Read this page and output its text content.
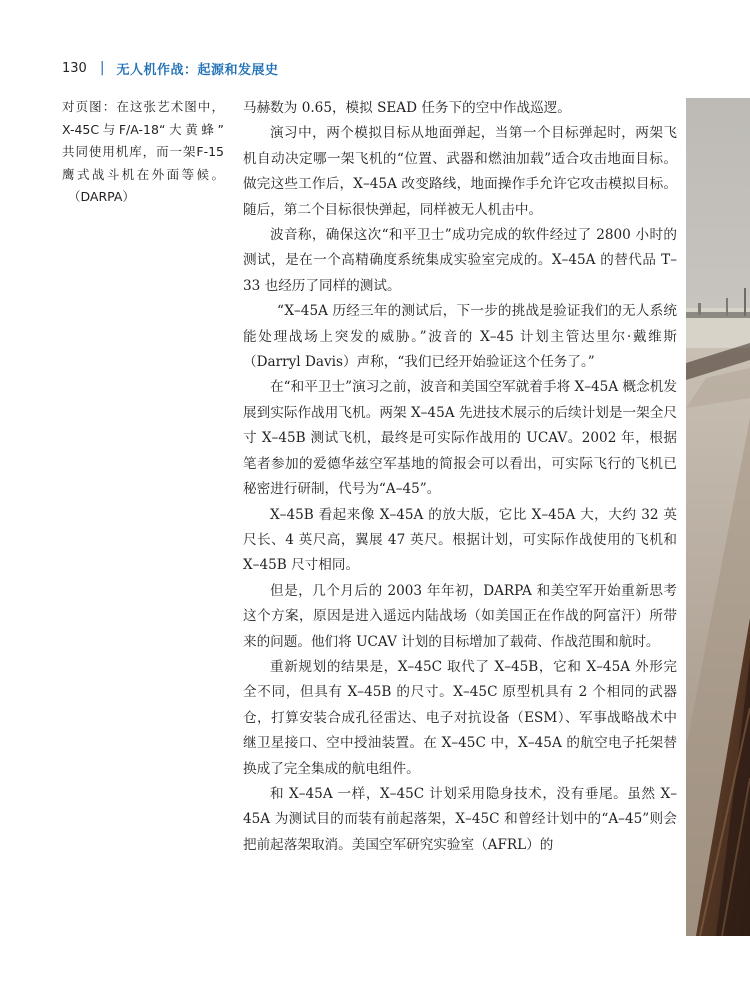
130 | 无人机作战：起源和发展史
对页图：在这张艺术图中，
X-45C与F/A-18“大黄蜂”
共同使用机库，而一架F-15
鹰式战斗机在外面等候。
（DARPA）

马赫数为 0.65，模拟 SEAD 任务下的空中作战巡逻。

演习中，两个模拟目标从地面弹起，当第一个目标弹起时，两架飞机自动决定哪一架飞机的“位置、武器和燃油加载”适合攻击地面目标。做完这些工作后，X–45A 改变路线，地面操作手允许它攻击模拟目标。随后，第二个目标很快弹起，同样被无人机击中。

波音称，确保这次“和平卫士”成功完成的软件经过了 2800 小时的测试，是在一个高精确度系统集成实验室完成的。X–45A 的替代品 T–33 也经历了同样的测试。

“X–45A 历经三年的测试后，下一步的挑战是验证我们的无人系统能处理战场上突发的威胁。”波音的 X–45 计划主管达里尔·戴维斯（Darryl Davis）声称，“我们已经开始验证这个任务了。”

在“和平卫士”演习之前，波音和美国空军就着手将 X–45A 概念机发展到实际作战用飞机。两架 X–45A 先进技术展示的后续计划是一架全尺寸 X–45B 测试飞机，最终是可实际作战用的 UCAV。2002 年，根据笔者参加的爱德华兹空军基地的简报会可以看出，可实际飞行的飞机已秘密进行研制，代号为“A–45”。

X–45B 看起来像 X–45A 的放大版，它比 X–45A 大，大约 32 英尺长、4 英尺高，翼展 47 英尺。根据计划，可实际作战使用的飞机和 X–45B 尺寸相同。

但是，几个月后的 2003 年年初，DARPA 和美空军开始重新思考这个方案，原因是进入遥远内陆战场（如美国正在作战的阿富汗）所带来的问题。他们将 UCAV 计划的目标增加了载荷、作战范围和航时。

重新规划的结果是，X–45C 取代了 X–45B，它和 X–45A 外形完全不同，但具有 X–45B 的尺寸。X–45C 原型机具有 2 个相同的武器仓，打算安装合成孔径雷达、电子对抗设备（ESM）、军事战略战术中继卫星接口、空中授油装置。在 X–45C 中，X–45A 的航空电子托架替换成了完全集成的航电组件。

和 X–45A 一样，X–45C 计划采用隐身技术，没有垂尾。虽然 X–45A 为测试目的而装有前起落架，X–45C 和曾经计划中的“A–45”则会把前起落架取消。美国空军研究实验室（AFRL）的
